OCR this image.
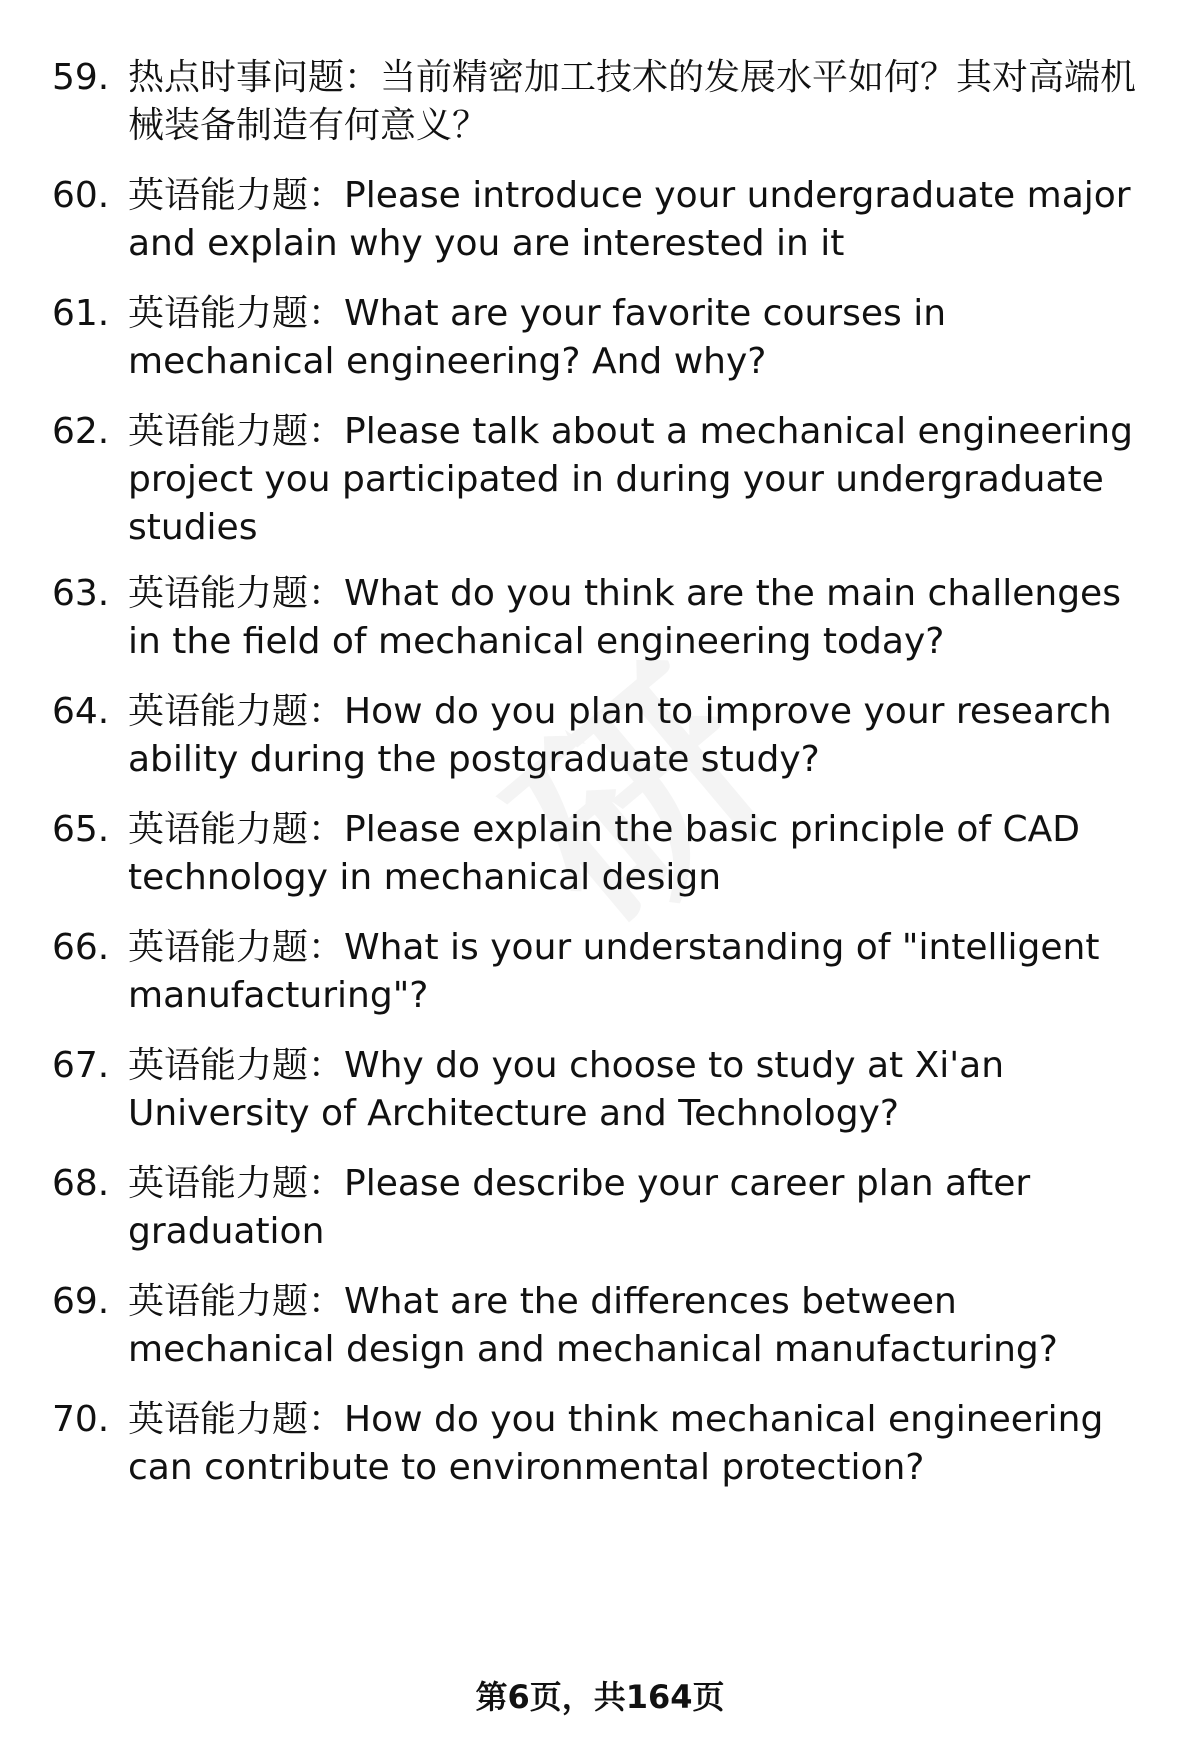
59. 热点时事问题：当前精密加工技术的发展水平如何？其对高端机械装备制造有何意义？
60. 英语能力题：Please introduce your undergraduate major and explain why you are interested in it
61. 英语能力题：What are your favorite courses in mechanical engineering? And why?
62. 英语能力题：Please talk about a mechanical engineering project you participated in during your undergraduate studies
63. 英语能力题：What do you think are the main challenges in the field of mechanical engineering today?
64. 英语能力题：How do you plan to improve your research ability during the postgraduate study?
65. 英语能力题：Please explain the basic principle of CAD technology in mechanical design
66. 英语能力题：What is your understanding of "intelligent manufacturing"?
67. 英语能力题：Why do you choose to study at Xi'an University of Architecture and Technology?
68. 英语能力题：Please describe your career plan after graduation
69. 英语能力题：What are the differences between mechanical design and mechanical manufacturing?
70. 英语能力题：How do you think mechanical engineering can contribute to environmental protection?
第6页，共164页
